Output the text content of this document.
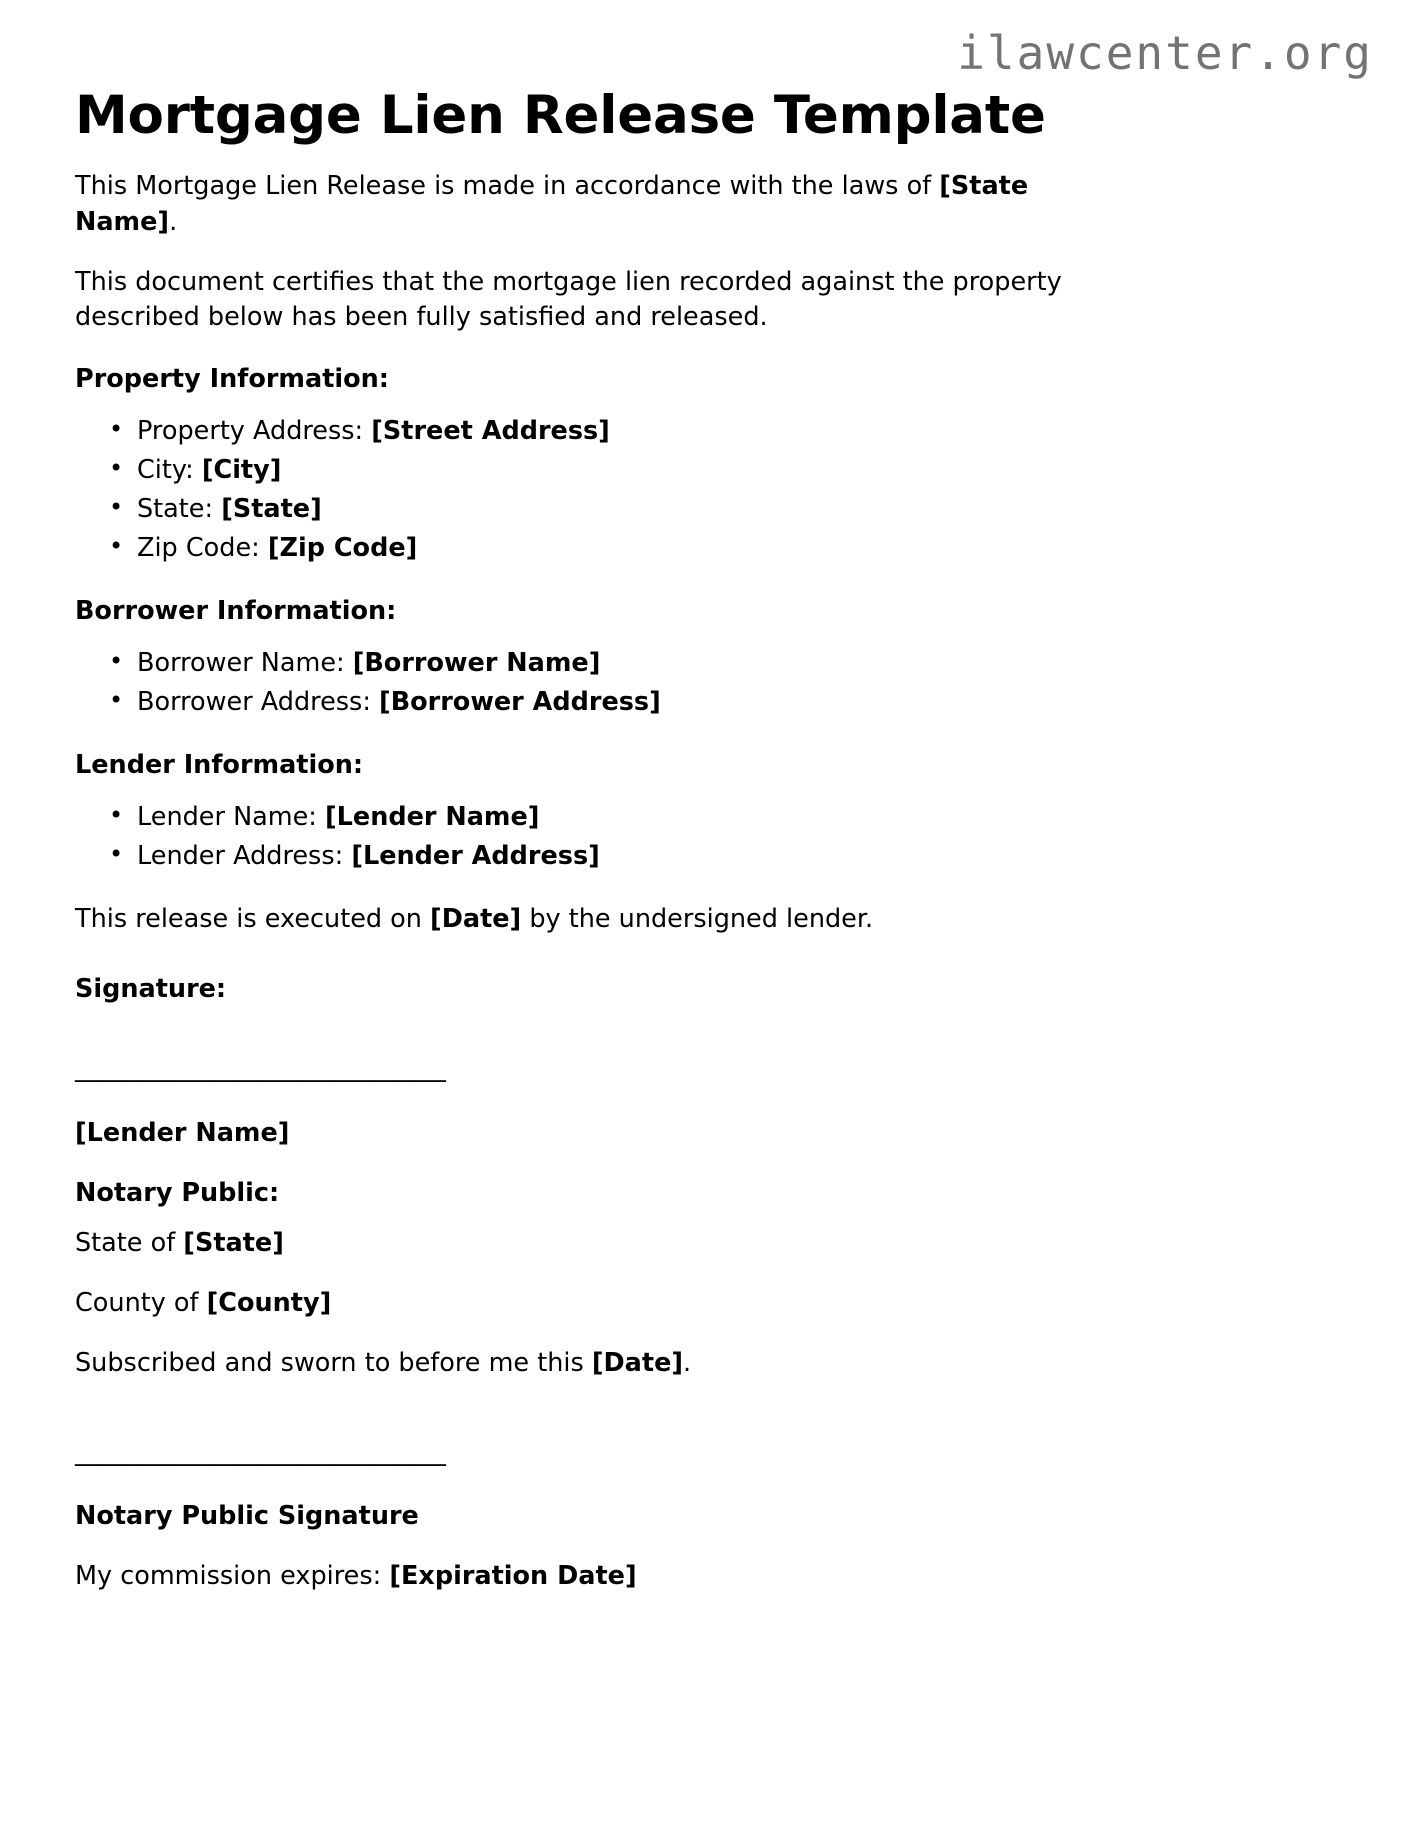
ilawcenter.org
Mortgage Lien Release Template

This Mortgage Lien Release is made in accordance with the laws of [State Name].

This document certifies that the mortgage lien recorded against the property described below has been fully satisfied and released.

Property Information:
• Property Address: [Street Address]
• City: [City]
• State: [State]
• Zip Code: [Zip Code]
Borrower Information:
• Borrower Name: [Borrower Name]
• Borrower Address: [Borrower Address]
Lender Information:
• Lender Name: [Lender Name]
• Lender Address: [Lender Address]

This release is executed on [Date] by the undersigned lender.

Signature:
______________________________
[Lender Name]
Notary Public:

State of [State]

County of [County]

Subscribed and sworn to before me this [Date].

______________________________
Notary Public Signature

My commission expires: [Expiration Date]
